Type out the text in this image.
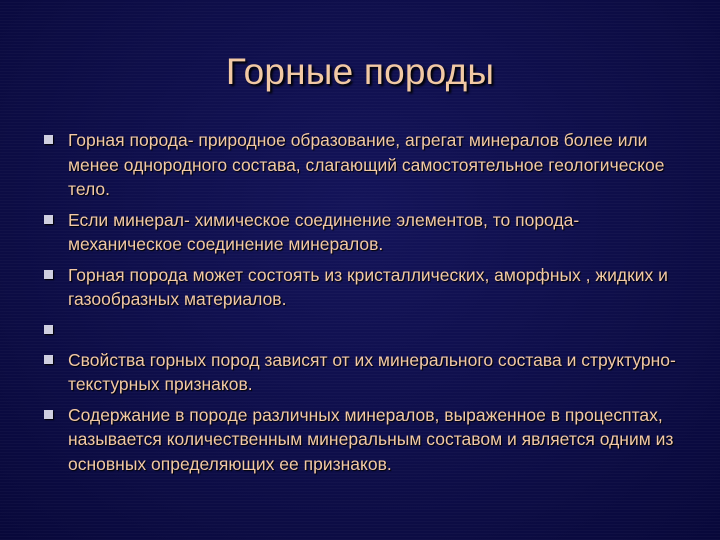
Горные породы
Горная порода- природное образование, агрегат минералов более или менее однородного состава, слагающий самостоятельное геологическое тело.
Если минерал- химическое соединение элементов, то порода- механическое соединение минералов.
Горная порода может состоять из кристаллических, аморфных , жидких и газообразных материалов.
Свойства горных пород зависят от их минерального состава и структурно-текстурных признаков.
Содержание в породе различных минералов, выраженное в процесптах, называется количественным минеральным составом и является одним из основных определяющих ее признаков.
